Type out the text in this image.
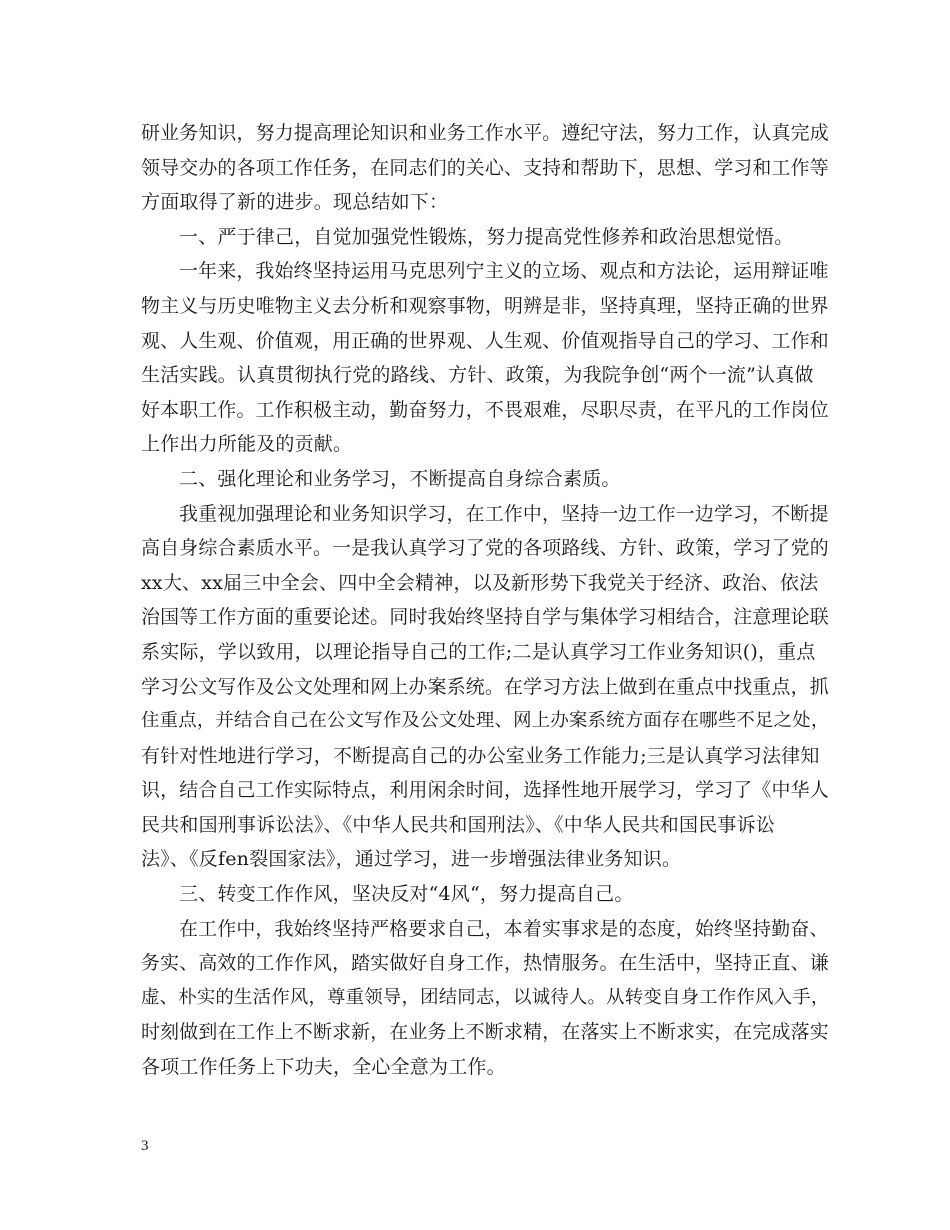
研业务知识，努力提高理论知识和业务工作水平。遵纪守法，努力工作，认真完成
领导交办的各项工作任务，在同志们的关心、支持和帮助下，思想、学习和工作等
方面取得了新的进步。现总结如下：
一、严于律己，自觉加强党性锻炼，努力提高党性修养和政治思想觉悟。
一年来，我始终坚持运用马克思列宁主义的立场、观点和方法论，运用辩证唯
物主义与历史唯物主义去分析和观察事物，明辨是非，坚持真理，坚持正确的世界
观、人生观、价值观，用正确的世界观、人生观、价值观指导自己的学习、工作和
生活实践。认真贯彻执行党的路线、方针、政策，为我院争创“两个一流”认真做
好本职工作。工作积极主动，勤奋努力，不畏艰难，尽职尽责，在平凡的工作岗位
上作出力所能及的贡献。
二、强化理论和业务学习，不断提高自身综合素质。
我重视加强理论和业务知识学习，在工作中，坚持一边工作一边学习，不断提
高自身综合素质水平。一是我认真学习了党的各项路线、方针、政策，学习了党的
xx大、xx届三中全会、四中全会精神，以及新形势下我党关于经济、政治、依法
治国等工作方面的重要论述。同时我始终坚持自学与集体学习相结合，注意理论联
系实际，学以致用，以理论指导自己的工作;二是认真学习工作业务知识()，重点
学习公文写作及公文处理和网上办案系统。在学习方法上做到在重点中找重点，抓
住重点，并结合自己在公文写作及公文处理、网上办案系统方面存在哪些不足之处，
有针对性地进行学习，不断提高自己的办公室业务工作能力;三是认真学习法律知
识，结合自己工作实际特点，利用闲余时间，选择性地开展学习，学习了《中华人
民共和国刑事诉讼法》、《中华人民共和国刑法》、《中华人民共和国民事诉讼
法》、《反fen裂国家法》，通过学习，进一步增强法律业务知识。
三、转变工作作风，坚决反对“4风“，努力提高自己。
在工作中，我始终坚持严格要求自己，本着实事求是的态度，始终坚持勤奋、
务实、高效的工作作风，踏实做好自身工作，热情服务。在生活中，坚持正直、谦
虚、朴实的生活作风，尊重领导，团结同志，以诚待人。从转变自身工作作风入手，
时刻做到在工作上不断求新，在业务上不断求精，在落实上不断求实，在完成落实
各项工作任务上下功夫，全心全意为工作。
3
